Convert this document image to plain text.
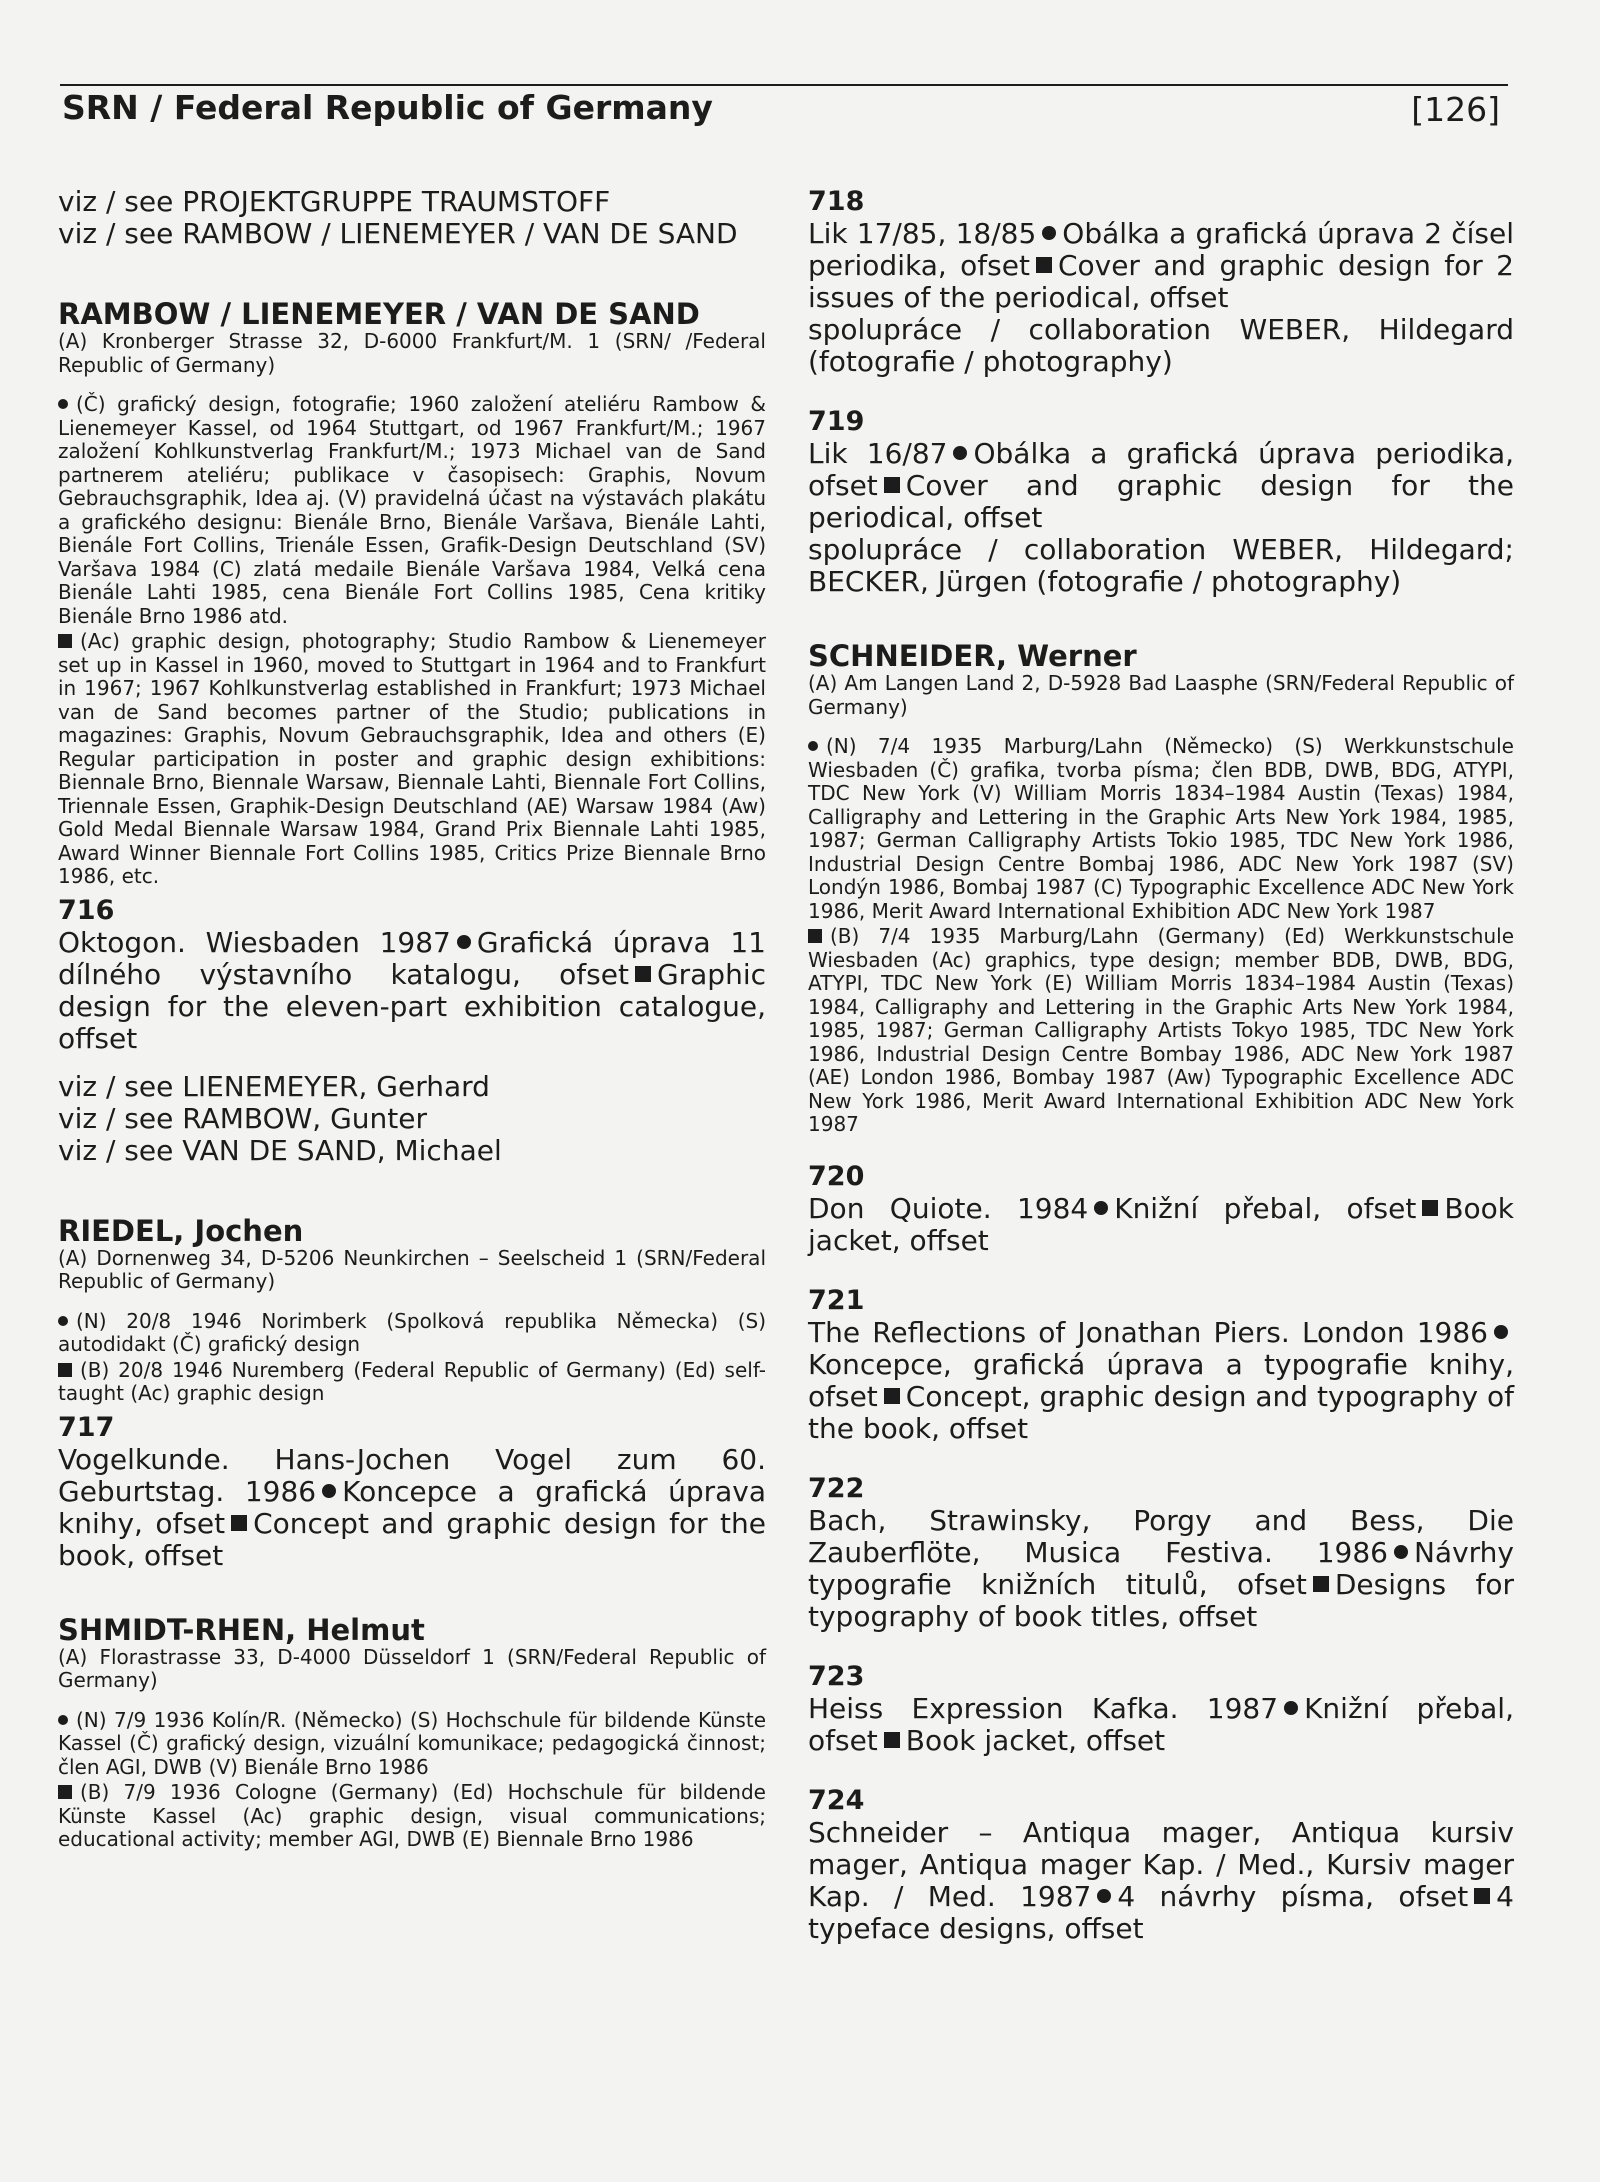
SRN / Federal Republic of Germany	[126]
viz / see PROJEKTGRUPPE TRAUMSTOFF
viz / see RAMBOW / LIENEMEYER / VAN DE SAND
RAMBOW / LIENEMEYER / VAN DE SAND
(A) Kronberger Strasse 32, D-6000 Frankfurt/M. 1 (SRN/ /Federal Republic of Germany)
(Č) grafický design, fotografie; 1960 založení ateliéru Rambow & Lienemeyer Kassel, od 1964 Stuttgart, od 1967 Frankfurt/M.; 1967 založení Kohlkunstverlag Frankfurt/M.; 1973 Michael van de Sand partnerem ateliéru; publikace v časopisech: Graphis, Novum Gebrauchsgraphik, Idea aj. (V) pravidelná účast na výstavách plakátu a grafického designu: Bienále Brno, Bienále Varšava, Bienále Lahti, Bienále Fort Collins, Trienále Essen, Grafik-Design Deutschland (SV) Varšava 1984 (C) zlatá medaile Bienále Varšava 1984, Velká cena Bienále Lahti 1985, cena Bienále Fort Collins 1985, Cena kritiky Bienále Brno 1986 atd.
(Ac) graphic design, photography; Studio Rambow & Lienemeyer set up in Kassel in 1960, moved to Stuttgart in 1964 and to Frankfurt in 1967; 1967 Kohlkunstverlag established in Frankfurt; 1973 Michael van de Sand becomes partner of the Studio; publications in magazines: Graphis, Novum Gebrauchsgraphik, Idea and others (E) Regular participation in poster and graphic design exhibitions: Biennale Brno, Biennale Warsaw, Biennale Lahti, Biennale Fort Collins, Triennale Essen, Graphik-Design Deutschland (AE) Warsaw 1984 (Aw) Gold Medal Biennale Warsaw 1984, Grand Prix Biennale Lahti 1985, Award Winner Biennale Fort Collins 1985, Critics Prize Biennale Brno 1986, etc.
716
Oktogon. Wiesbaden 1987 Grafická úprava 11 dílného výstavního katalogu, ofset Graphic design for the eleven-part exhibition catalogue, offset
viz / see LIENEMEYER, Gerhard
viz / see RAMBOW, Gunter
viz / see VAN DE SAND, Michael
RIEDEL, Jochen
(A) Dornenweg 34, D-5206 Neunkirchen – Seelscheid 1 (SRN/Federal Republic of Germany)
(N) 20/8 1946 Norimberk (Spolková republika Německa) (S) autodidakt (Č) grafický design
(B) 20/8 1946 Nuremberg (Federal Republic of Germany) (Ed) self-taught (Ac) graphic design
717
Vogelkunde. Hans-Jochen Vogel zum 60. Geburtstag. 1986 Koncepce a grafická úprava knihy, ofset Concept and graphic design for the book, offset
SHMIDT-RHEN, Helmut
(A) Florastrasse 33, D-4000 Düsseldorf 1 (SRN/Federal Republic of Germany)
(N) 7/9 1936 Kolín/R. (Německo) (S) Hochschule für bildende Künste Kassel (Č) grafický design, vizuální komunikace; pedagogická činnost; člen AGI, DWB (V) Bienále Brno 1986
(B) 7/9 1936 Cologne (Germany) (Ed) Hochschule für bildende Künste Kassel (Ac) graphic design, visual communications; educational activity; member AGI, DWB (E) Biennale Brno 1986
718
Lik 17/85, 18/85 Obálka a grafická úprava 2 čísel periodika, ofset Cover and graphic design for 2 issues of the periodical, offset
spolupráce / collaboration WEBER, Hildegard (fotografie / photography)
719
Lik 16/87 Obálka a grafická úprava periodika, ofset Cover and graphic design for the periodical, offset
spolupráce / collaboration WEBER, Hildegard; BECKER, Jürgen (fotografie / photography)
SCHNEIDER, Werner
(A) Am Langen Land 2, D-5928 Bad Laasphe (SRN/Federal Republic of Germany)
(N) 7/4 1935 Marburg/Lahn (Německo) (S) Werkkunstschule Wiesbaden (Č) grafika, tvorba písma; člen BDB, DWB, BDG, ATYPI, TDC New York (V) William Morris 1834–1984 Austin (Texas) 1984, Calligraphy and Lettering in the Graphic Arts New York 1984, 1985, 1987; German Calligraphy Artists Tokio 1985, TDC New York 1986, Industrial Design Centre Bombaj 1986, ADC New York 1987 (SV) Londýn 1986, Bombaj 1987 (C) Typographic Excellence ADC New York 1986, Merit Award International Exhibition ADC New York 1987
(B) 7/4 1935 Marburg/Lahn (Germany) (Ed) Werkkunstschule Wiesbaden (Ac) graphics, type design; member BDB, DWB, BDG, ATYPI, TDC New York (E) William Morris 1834–1984 Austin (Texas) 1984, Calligraphy and Lettering in the Graphic Arts New York 1984, 1985, 1987; German Calligraphy Artists Tokyo 1985, TDC New York 1986, Industrial Design Centre Bombay 1986, ADC New York 1987 (AE) London 1986, Bombay 1987 (Aw) Typographic Excellence ADC New York 1986, Merit Award International Exhibition ADC New York 1987
720
Don Quiote. 1984 Knižní přebal, ofset Book jacket, offset
721
The Reflections of Jonathan Piers. London 1986Koncepce, grafická úprava a typografie knihy, ofset Concept, graphic design and typography of the book, offset
722
Bach, Strawinsky, Porgy and Bess, Die Zauberflöte, Musica Festiva. 1986 Návrhy typografie knižních titulů, ofset Designs for typography of book titles, offset
723
Heiss Expression Kafka. 1987 Knižní přebal, ofset Book jacket, offset
724
Schneider – Antiqua mager, Antiqua kursiv mager, Antiqua mager Kap. / Med., Kursiv mager Kap. / Med. 1987 4 návrhy písma, ofset 4 typeface designs, offset
